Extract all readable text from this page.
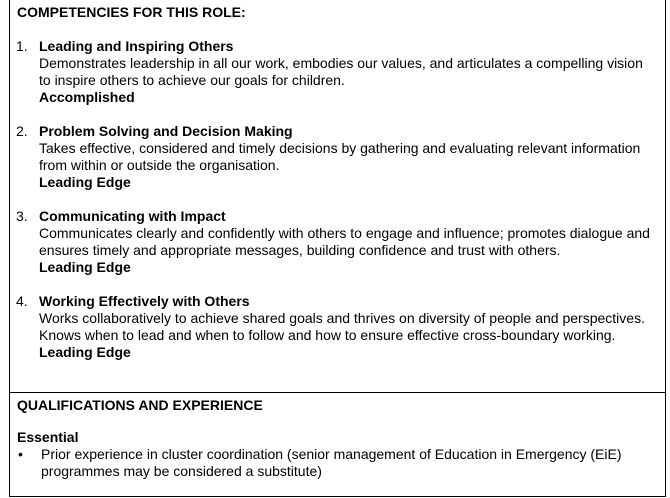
COMPETENCIES FOR THIS ROLE:
1. Leading and Inspiring Others
Demonstrates leadership in all our work, embodies our values, and articulates a compelling vision to inspire others to achieve our goals for children.
Accomplished
2. Problem Solving and Decision Making
Takes effective, considered and timely decisions by gathering and evaluating relevant information from within or outside the organisation.
Leading Edge
3. Communicating with Impact
Communicates clearly and confidently with others to engage and influence; promotes dialogue and ensures timely and appropriate messages, building confidence and trust with others.
Leading Edge
4. Working Effectively with Others
Works collaboratively to achieve shared goals and thrives on diversity of people and perspectives. Knows when to lead and when to follow and how to ensure effective cross-boundary working.
Leading Edge
QUALIFICATIONS AND EXPERIENCE
Essential
• Prior experience in cluster coordination (senior management of Education in Emergency (EiE) programmes may be considered a substitute)
